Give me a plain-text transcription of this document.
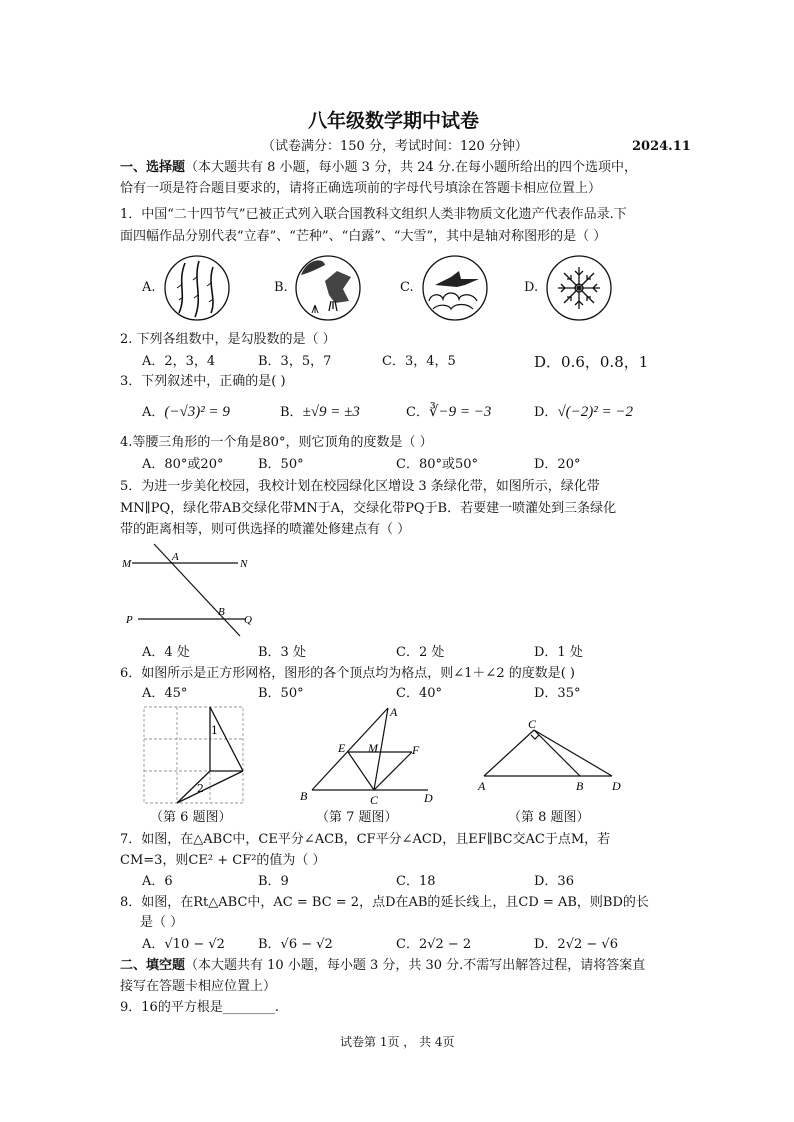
八年级数学期中试卷
（试卷满分：150 分，考试时间：120 分钟）	2024.11
一、选择题（本大题共有 8 小题，每小题 3 分，共 24 分.在每小题所给出的四个选项中，
恰有一项是符合题目要求的，请将正确选项前的字母代号填涂在答题卡相应位置上）
1．中国“二十四节气”已被正式列入联合国教科文组织人类非物质文化遗产代表作品录.下
面四幅作品分别代表“立春”、“芒种”、“白露”、“大雪”，其中是轴对称图形的是（ ）
A.	B.	C.	D.
2. 下列各组数中，是勾股数的是（ ）
A．2，3，4	B．3，5，7	C．3，4，5	D．0.6，0.8，1
3．下列叙述中，正确的是( )
A．(−√3)² = 9	B．±√9 = ±3	C．∛−9 = −3	D．√(−2)² = −2
4.等腰三角形的一个角是80°，则它顶角的度数是（ ）
A．80°或20°	B．50°	C．80°或50°	D．20°
5．为进一步美化校园，我校计划在校园绿化区增设 3 条绿化带，如图所示，绿化带
MN∥PQ，绿化带AB交绿化带MN于A，交绿化带PQ于B．若要建一喷灌处到三条绿化
带的距离相等，则可供选择的喷灌处修建点有（ ）
M
A
N
P
B
Q
A．4 处	B．3 处	C．2 处	D．1 处
6．如图所示是正方形网格，图形的各个顶点均为格点，则∠1＋∠2 的度数是( )
A．45°	B．50°	C．40°	D．35°
1
2
A
E M	F
B	C	D
C
A	B D
（第 6 题图）	（第 7 题图）	（第 8 题图）
7．如图，在△ABC中，CE平分∠ACB，CF平分∠ACD，且EF∥BC交AC于点M，若
CM=3，则CE² + CF²的值为（ ）
A．6	B．9	C．18	D．36
8．如图，在Rt△ABC中，AC = BC = 2，点D在AB的延长线上，且CD = AB，则BD的长
是（ ）
A．√10 − √2	B．√6 − √2	C．2√2 − 2	D．2√2 − √6
二、填空题（本大题共有 10 小题，每小题 3 分，共 30 分.不需写出解答过程，请将答案直
接写在答题卡相应位置上）
9．16的平方根是________.
试卷第 1页 ， 共 4页
